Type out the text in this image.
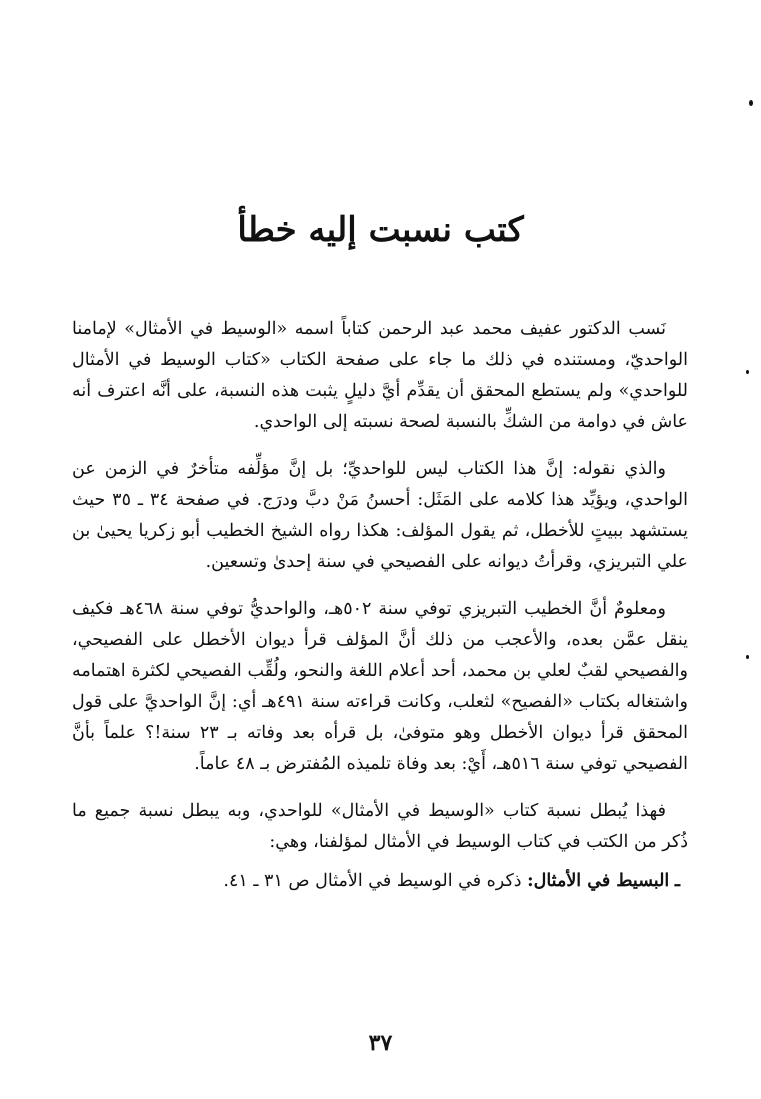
كتب نسبت إليه خطأ

نَسب الدكتور عفيف محمد عبد الرحمن كتاباً اسمه «الوسيط في الأمثال» لإمامنا الواحديّ، ومستنده في ذلك ما جاء على صفحة الكتاب «كتاب الوسيط في الأمثال للواحدي» ولم يستطع المحقق أن يقدِّم أيَّ دليلٍ يثبت هذه النسبة، على أنَّه اعترف أنه عاش في دوامة من الشكِّ بالنسبة لصحة نسبته إلى الواحدي.

والذي نقوله: إنَّ هذا الكتاب ليس للواحديِّ؛ بل إنَّ مؤلِّفه متأخرٌ في الزمن عن الواحدي، ويؤيِّد هذا كلامه على المَثَل: أحسنُ مَنْ دبَّ ودرَج. في صفحة ٣٤ ـ ٣٥ حيث يستشهد ببيتٍ للأخطل، ثم يقول المؤلف: هكذا رواه الشيخ الخطيب أبو زكريا يحيىٰ بن علي التبريزي، وقرأتُ ديوانه على الفصيحي في سنة إحدىٰ وتسعين.

ومعلومٌ أنَّ الخطيب التبريزي توفي سنة ٥٠٢هـ، والواحديُّ توفي سنة ٤٦٨هـ فكيف ينقل عمَّن بعده، والأعجب من ذلك أنَّ المؤلف قرأ ديوان الأخطل على الفصيحي، والفصيحي لقبٌ لعلي بن محمد، أحد أعلام اللغة والنحو، ولُقِّب الفصيحي لكثرة اهتمامه واشتغاله بكتاب «الفصيح» لثعلب، وكانت قراءته سنة ٤٩١هـ أي: إنَّ الواحديَّ على قول المحقق قرأ ديوان الأخطل وهو متوفىٰ، بل قرأه بعد وفاته بـ ٢٣ سنة!؟ علماً بأنَّ الفصيحي توفي سنة ٥١٦هـ، أَيْ: بعد وفاة تلميذه المُفترض بـ ٤٨ عاماً.

فهذا يُبطل نسبة كتاب «الوسيط في الأمثال» للواحدي، وبه يبطل نسبة جميع ما ذُكر من الكتب في كتاب الوسيط في الأمثال لمؤلفنا، وهي:

ـ البسيط في الأمثال: ذكره في الوسيط في الأمثال ص ٣١ ـ ٤١.

٣٧
